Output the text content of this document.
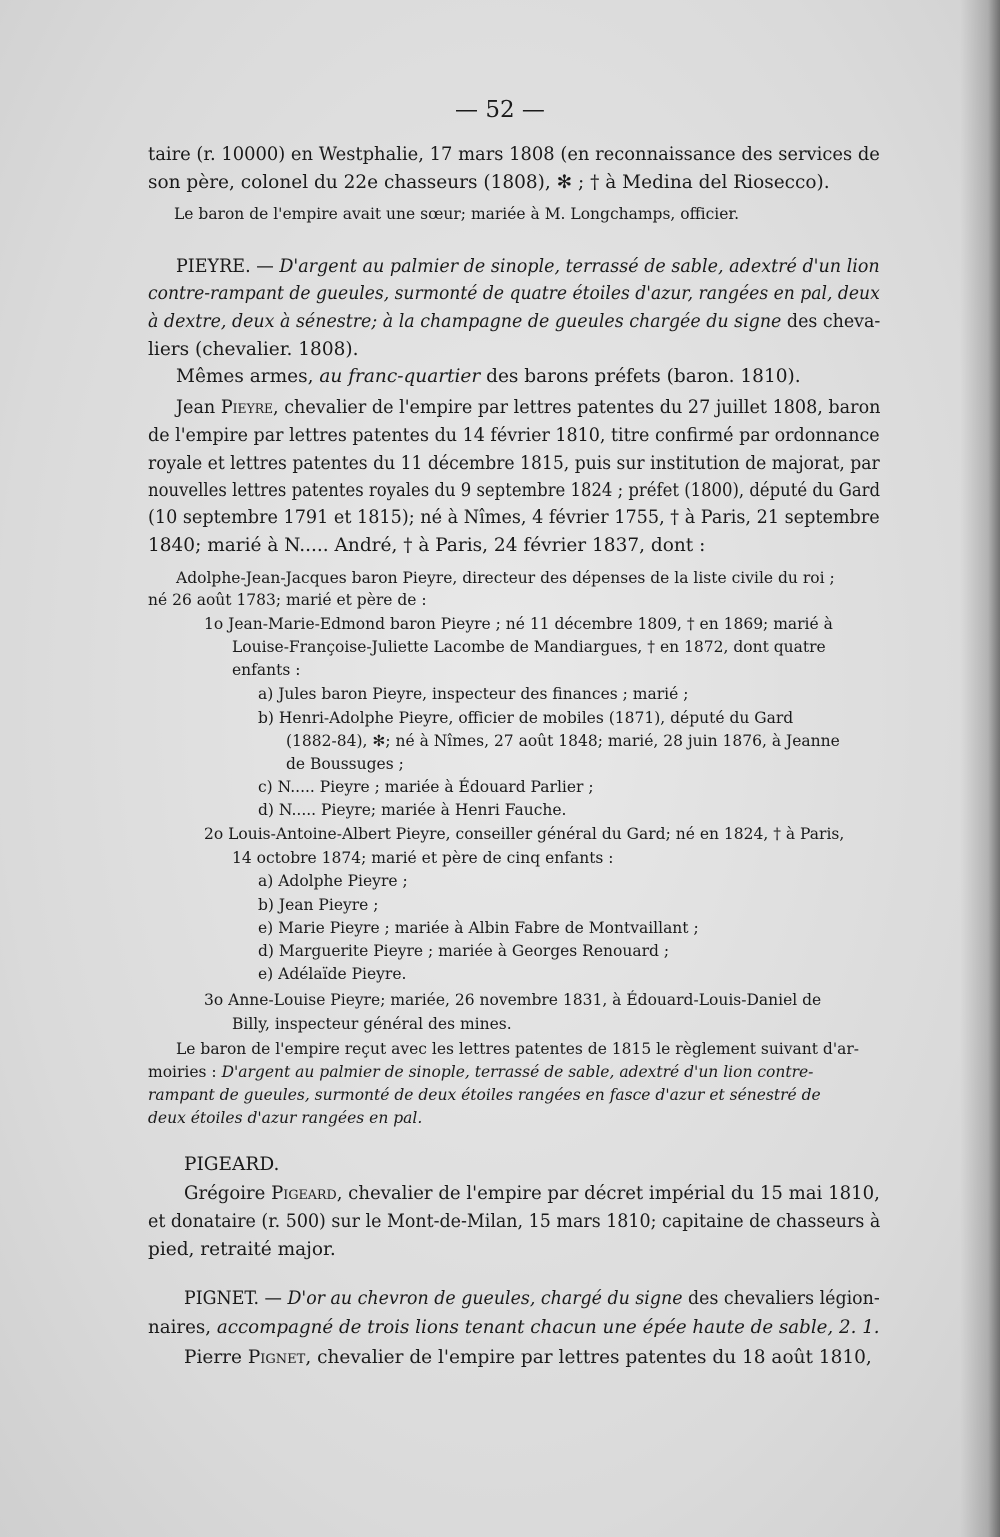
— 52 —
taire (r. 10000) en Westphalie, 17 mars 1808 (en reconnaissance des services de
son père, colonel du 22e chasseurs (1808), ✻ ; † à Medina del Riosecco).
Le baron de l'empire avait une sœur; mariée à M. Longchamps, officier.
PIEYRE. — D'argent au palmier de sinople, terrassé de sable, adextré d'un lion
contre-rampant de gueules, surmonté de quatre étoiles d'azur, rangées en pal, deux
à dextre, deux à sénestre; à la champagne de gueules chargée du signe des cheva-
liers (chevalier. 1808).
Mêmes armes, au franc-quartier des barons préfets (baron. 1810).
Jean Pieyre, chevalier de l'empire par lettres patentes du 27 juillet 1808, baron
de l'empire par lettres patentes du 14 février 1810, titre confirmé par ordonnance
royale et lettres patentes du 11 décembre 1815, puis sur institution de majorat, par
nouvelles lettres patentes royales du 9 septembre 1824 ; préfet (1800), député du Gard
(10 septembre 1791 et 1815); né à Nîmes, 4 février 1755, † à Paris, 21 septembre
1840; marié à N..... André, † à Paris, 24 février 1837, dont :
Adolphe-Jean-Jacques baron Pieyre, directeur des dépenses de la liste civile du roi ;
né 26 août 1783; marié et père de :
1o Jean-Marie-Edmond baron Pieyre ; né 11 décembre 1809, † en 1869; marié à
Louise-Françoise-Juliette Lacombe de Mandiargues, † en 1872, dont quatre
enfants :
a) Jules baron Pieyre, inspecteur des finances ; marié ;
b) Henri-Adolphe Pieyre, officier de mobiles (1871), député du Gard
(1882-84), ✻; né à Nîmes, 27 août 1848; marié, 28 juin 1876, à Jeanne
de Boussuges ;
c) N..... Pieyre ; mariée à Édouard Parlier ;
d) N..... Pieyre; mariée à Henri Fauche.
2o Louis-Antoine-Albert Pieyre, conseiller général du Gard; né en 1824, † à Paris,
14 octobre 1874; marié et père de cinq enfants :
a) Adolphe Pieyre ;
b) Jean Pieyre ;
e) Marie Pieyre ; mariée à Albin Fabre de Montvaillant ;
d) Marguerite Pieyre ; mariée à Georges Renouard ;
e) Adélaïde Pieyre.
3o Anne-Louise Pieyre; mariée, 26 novembre 1831, à Édouard-Louis-Daniel de
Billy, inspecteur général des mines.
Le baron de l'empire reçut avec les lettres patentes de 1815 le règlement suivant d'ar-
moiries : D'argent au palmier de sinople, terrassé de sable, adextré d'un lion contre-
rampant de gueules, surmonté de deux étoiles rangées en fasce d'azur et sénestré de
deux étoiles d'azur rangées en pal.
PIGEARD.
Grégoire Pigeard, chevalier de l'empire par décret impérial du 15 mai 1810,
et donataire (r. 500) sur le Mont-de-Milan, 15 mars 1810; capitaine de chasseurs à
pied, retraité major.
PIGNET. — D'or au chevron de gueules, chargé du signe des chevaliers légion-
naires, accompagné de trois lions tenant chacun une épée haute de sable, 2. 1.
Pierre Pignet, chevalier de l'empire par lettres patentes du 18 août 1810,
